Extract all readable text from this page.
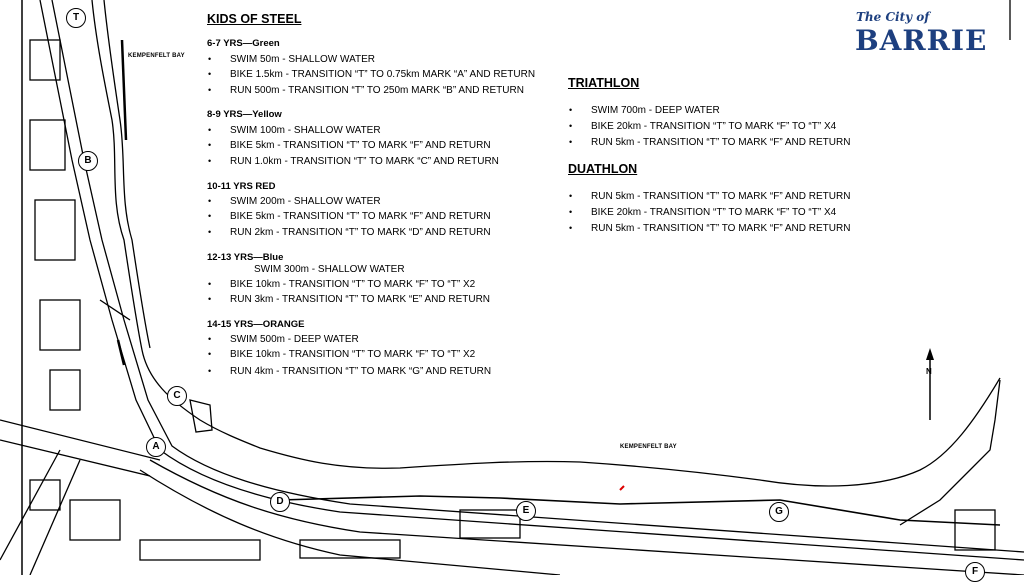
T
B
C
A
D
E	G
F
KEMPENFELT BAY
KEMPENFELT BAY
N
The City of
BARRIE
KIDS OF STEEL
6-7 YRS—Green
• SWIM 50m - SHALLOW WATER
• BIKE 1.5km - TRANSITION “T” TO 0.75km MARK “A” AND RETURN
• RUN 500m - TRANSITION “T” TO 250m MARK “B” AND RETURN
8-9 YRS—Yellow
• SWIM 100m - SHALLOW WATER
• BIKE 5km - TRANSITION “T” TO MARK “F” AND RETURN
• RUN 1.0km - TRANSITION “T” TO MARK “C” AND RETURN
10-11 YRS RED
• SWIM 200m - SHALLOW WATER
• BIKE 5km - TRANSITION “T” TO MARK “F” AND RETURN
• RUN 2km - TRANSITION “T” TO MARK “D” AND RETURN
12-13 YRS—Blue
SWIM 300m - SHALLOW WATER
• BIKE 10km - TRANSITION “T” TO MARK “F” TO “T” X2
• RUN 3km - TRANSITION “T” TO MARK “E” AND RETURN
14-15 YRS—ORANGE
• SWIM 500m - DEEP WATER
• BIKE 10km - TRANSITION “T” TO MARK “F” TO “T” X2
• RUN 4km - TRANSITION “T” TO MARK “G” AND RETURN
TRIATHLON
• SWIM 700m - DEEP WATER
• BIKE 20km - TRANSITION “T” TO MARK “F” TO “T” X4
• RUN 5km - TRANSITION “T” TO MARK “F” AND RETURN
DUATHLON
• RUN 5km - TRANSITION “T” TO MARK “F” AND RETURN
• BIKE 20km - TRANSITION “T” TO MARK “F” TO “T” X4
• RUN 5km - TRANSITION “T” TO MARK “F” AND RETURN
